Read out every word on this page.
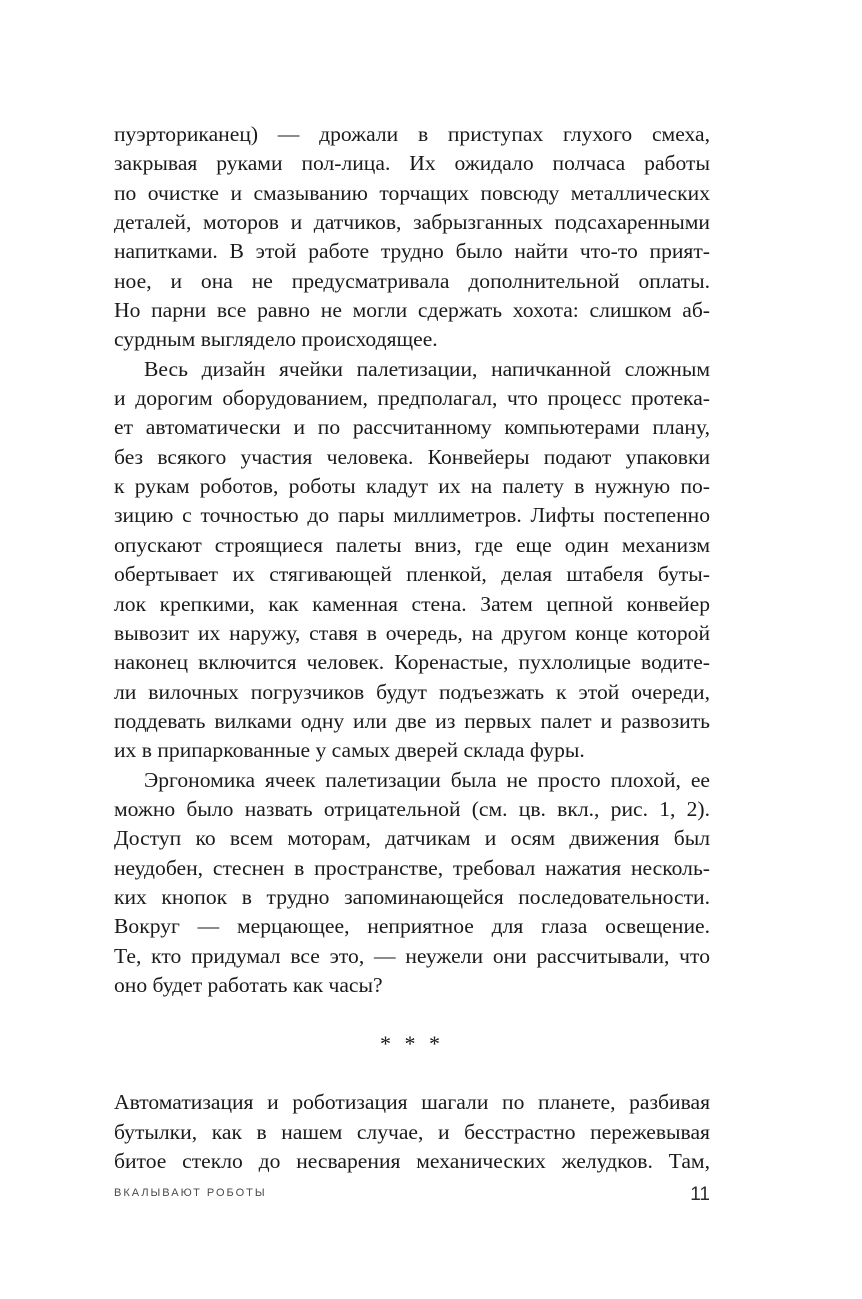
пуэрториканец) — дрожали в приступах глухого смеха,
закрывая руками пол-лица. Их ожидало полчаса работы
по очистке и смазыванию торчащих повсюду металлических
деталей, моторов и датчиков, забрызганных подсахаренными
напитками. В этой работе трудно было найти что-то прият-
ное, и она не предусматривала дополнительной оплаты.
Но парни все равно не могли сдержать хохота: слишком аб-
сурдным выглядело происходящее.
Весь дизайн ячейки палетизации, напичканной сложным
и дорогим оборудованием, предполагал, что процесс протека-
ет автоматически и по рассчитанному компьютерами плану,
без всякого участия человека. Конвейеры подают упаковки
к рукам роботов, роботы кладут их на палету в нужную по-
зицию с точностью до пары миллиметров. Лифты постепенно
опускают строящиеся палеты вниз, где еще один механизм
обертывает их стягивающей пленкой, делая штабеля буты-
лок крепкими, как каменная стена. Затем цепной конвейер
вывозит их наружу, ставя в очередь, на другом конце которой
наконец включится человек. Коренастые, пухлолицые водите-
ли вилочных погрузчиков будут подъезжать к этой очереди,
поддевать вилками одну или две из первых палет и развозить
их в припаркованные у самых дверей склада фуры.
Эргономика ячеек палетизации была не просто плохой, ее
можно было назвать отрицательной (см. цв. вкл., рис. 1, 2).
Доступ ко всем моторам, датчикам и осям движения был
неудобен, стеснен в пространстве, требовал нажатия несколь-
ких кнопок в трудно запоминающейся последовательности.
Вокруг — мерцающее, неприятное для глаза освещение.
Те, кто придумал все это, — неужели они рассчитывали, что
оно будет работать как часы?
* * *
Автоматизация и роботизация шагали по планете, разбивая
бутылки, как в нашем случае, и бесстрастно пережевывая
битое стекло до несварения механических желудков. Там,
ВКАЛЫВАЮТ РОБОТЫ	11
